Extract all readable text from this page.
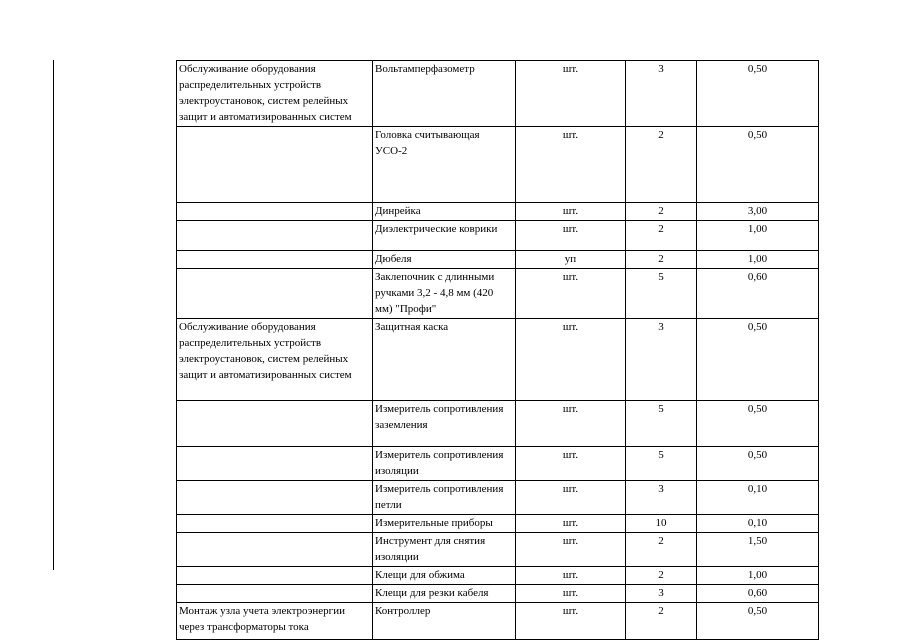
Обслуживание оборудования распределительных устройств электроустановок, систем релейных защит и автоматизированных систем	Вольтамперфазометр	шт.	3	0,50
	Головка считывающая УСО-2	шт.	2	0,50
	Динрейка	шт.	2	3,00
	Диэлектрические коврики	шт.	2	1,00
	Дюбеля	уп	2	1,00
	Заклепочник с длинными ручками 3,2 - 4,8 мм (420 мм) "Профи"	шт.	5	0,60
Обслуживание оборудования распределительных устройств электроустановок, систем релейных защит и автоматизированных систем	Защитная каска	шт.	3	0,50
	Измеритель сопротивления заземления	шт.	5	0,50
	Измеритель сопротивления изоляции	шт.	5	0,50
	Измеритель сопротивления петли	шт.	3	0,10
	Измерительные приборы	шт.	10	0,10
	Инструмент для снятия изоляции	шт.	2	1,50
	Клещи для обжима	шт.	2	1,00
	Клещи для резки кабеля	шт.	3	0,60
Монтаж узла учета электроэнергии через трансформаторы тока	Контроллер	шт.	2	0,50
